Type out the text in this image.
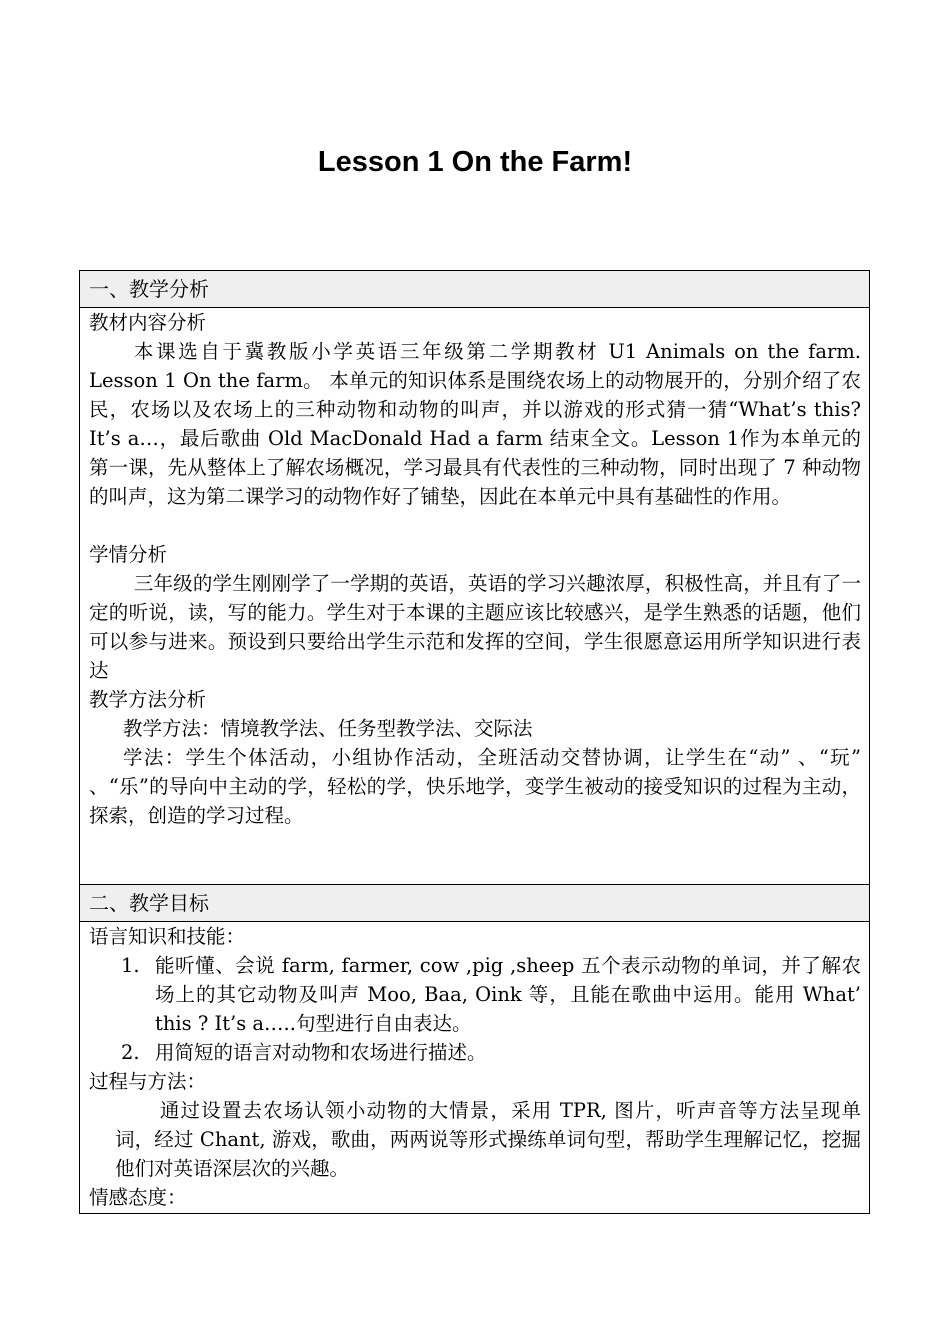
Lesson 1 On the Farm!
一、教学分析

教材内容分析

本课选自于冀教版小学英语三年级第二学期教材 U1 Animals on the farm. Lesson 1 On the farm。 本单元的知识体系是围绕农场上的动物展开的，分别介绍了农民，农场以及农场上的三种动物和动物的叫声，并以游戏的形式猜一猜“What’s this? It’s a…，最后歌曲 Old MacDonald Had a farm 结束全文。Lesson 1作为本单元的第一课，先从整体上了解农场概况，学习最具有代表性的三种动物，同时出现了 7 种动物的叫声，这为第二课学习的动物作好了铺垫，因此在本单元中具有基础性的作用。

学情分析

三年级的学生刚刚学了一学期的英语，英语的学习兴趣浓厚，积极性高，并且有了一定的听说，读，写的能力。学生对于本课的主题应该比较感兴，是学生熟悉的话题，他们可以参与进来。预设到只要给出学生示范和发挥的空间，学生很愿意运用所学知识进行表达

教学方法分析

教学方法：情境教学法、任务型教学法、交际法

学法：学生个体活动，小组协作活动，全班活动交替协调，让学生在“动” 、“玩” 、“乐”的导向中主动的学，轻松的学，快乐地学，变学生被动的接受知识的过程为主动，探索，创造的学习过程。

二、教学目标

语言知识和技能：

1. 能听懂、会说 farm, farmer, cow ,pig ,sheep 五个表示动物的单词，并了解农场上的其它动物及叫声 Moo, Baa, Oink 等，且能在歌曲中运用。能用 What’ this ? It’s a…..句型进行自由表达。
2. 用简短的语言对动物和农场进行描述。

过程与方法：

通过设置去农场认领小动物的大情景，采用 TPR, 图片，听声音等方法呈现单词，经过 Chant, 游戏，歌曲，两两说等形式操练单词句型，帮助学生理解记忆，挖掘他们对英语深层次的兴趣。

情感态度：
